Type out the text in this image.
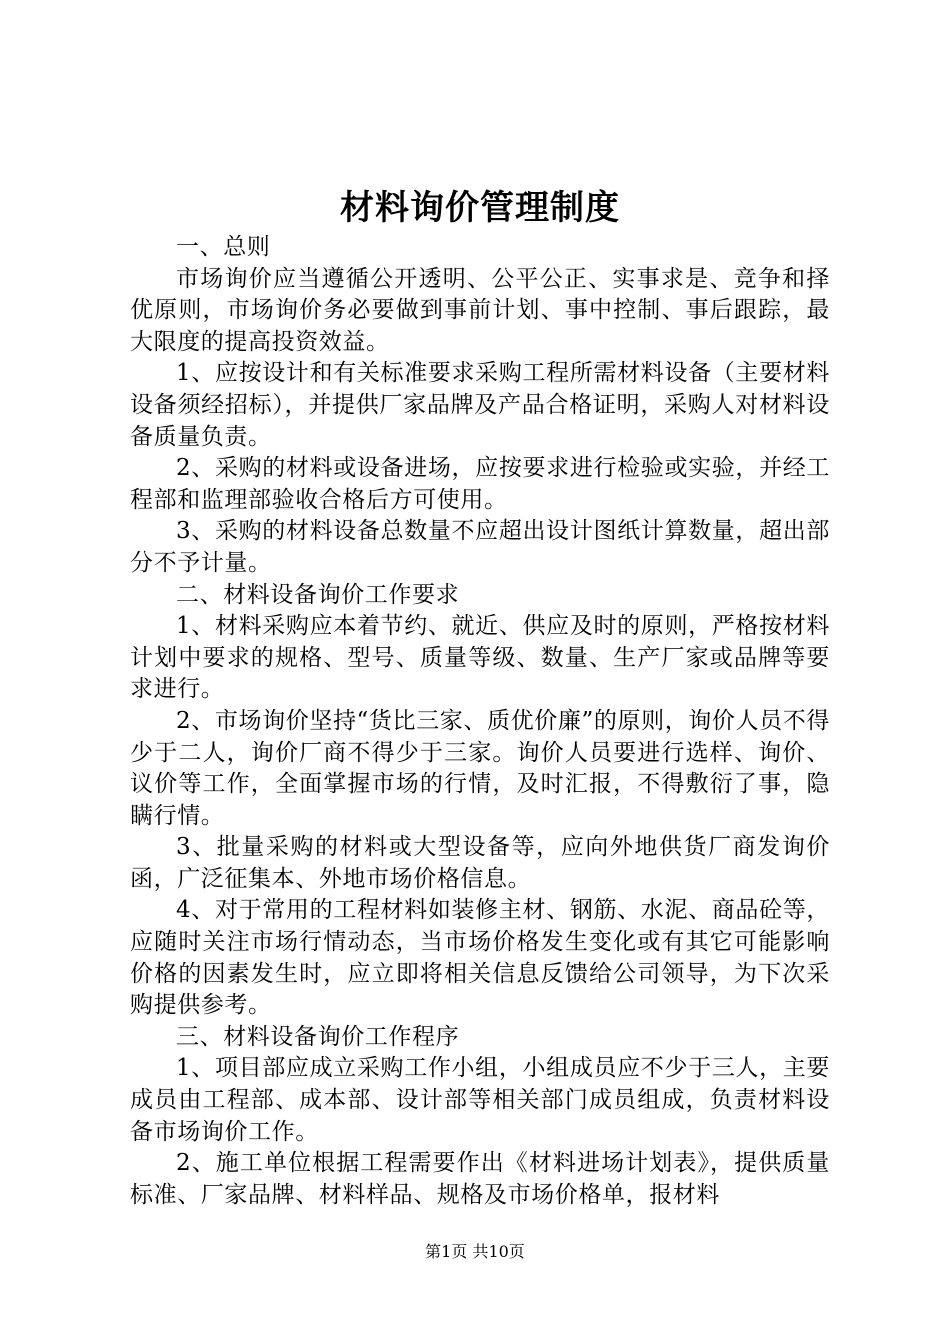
材料询价管理制度

一、总则

市场询价应当遵循公开透明、公平公正、实事求是、竞争和择优原则，市场询价务必要做到事前计划、事中控制、事后跟踪，最大限度的提高投资效益。

1、应按设计和有关标准要求采购工程所需材料设备（主要材料设备须经招标），并提供厂家品牌及产品合格证明，采购人对材料设备质量负责。

2、采购的材料或设备进场，应按要求进行检验或实验，并经工程部和监理部验收合格后方可使用。

3、采购的材料设备总数量不应超出设计图纸计算数量，超出部分不予计量。

二、材料设备询价工作要求

1、材料采购应本着节约、就近、供应及时的原则，严格按材料计划中要求的规格、型号、质量等级、数量、生产厂家或品牌等要求进行。

2、市场询价坚持“货比三家、质优价廉”的原则，询价人员不得少于二人，询价厂商不得少于三家。询价人员要进行选样、询价、议价等工作，全面掌握市场的行情，及时汇报，不得敷衍了事，隐瞒行情。

3、批量采购的材料或大型设备等，应向外地供货厂商发询价函，广泛征集本、外地市场价格信息。

4、对于常用的工程材料如装修主材、钢筋、水泥、商品砼等，应随时关注市场行情动态，当市场价格发生变化或有其它可能影响价格的因素发生时，应立即将相关信息反馈给公司领导，为下次采购提供参考。

三、材料设备询价工作程序

1、项目部应成立采购工作小组，小组成员应不少于三人，主要成员由工程部、成本部、设计部等相关部门成员组成，负责材料设备市场询价工作。

2、施工单位根据工程需要作出《材料进场计划表》，提供质量标准、厂家品牌、材料样品、规格及市场价格单，报材料

第1页 共10页
